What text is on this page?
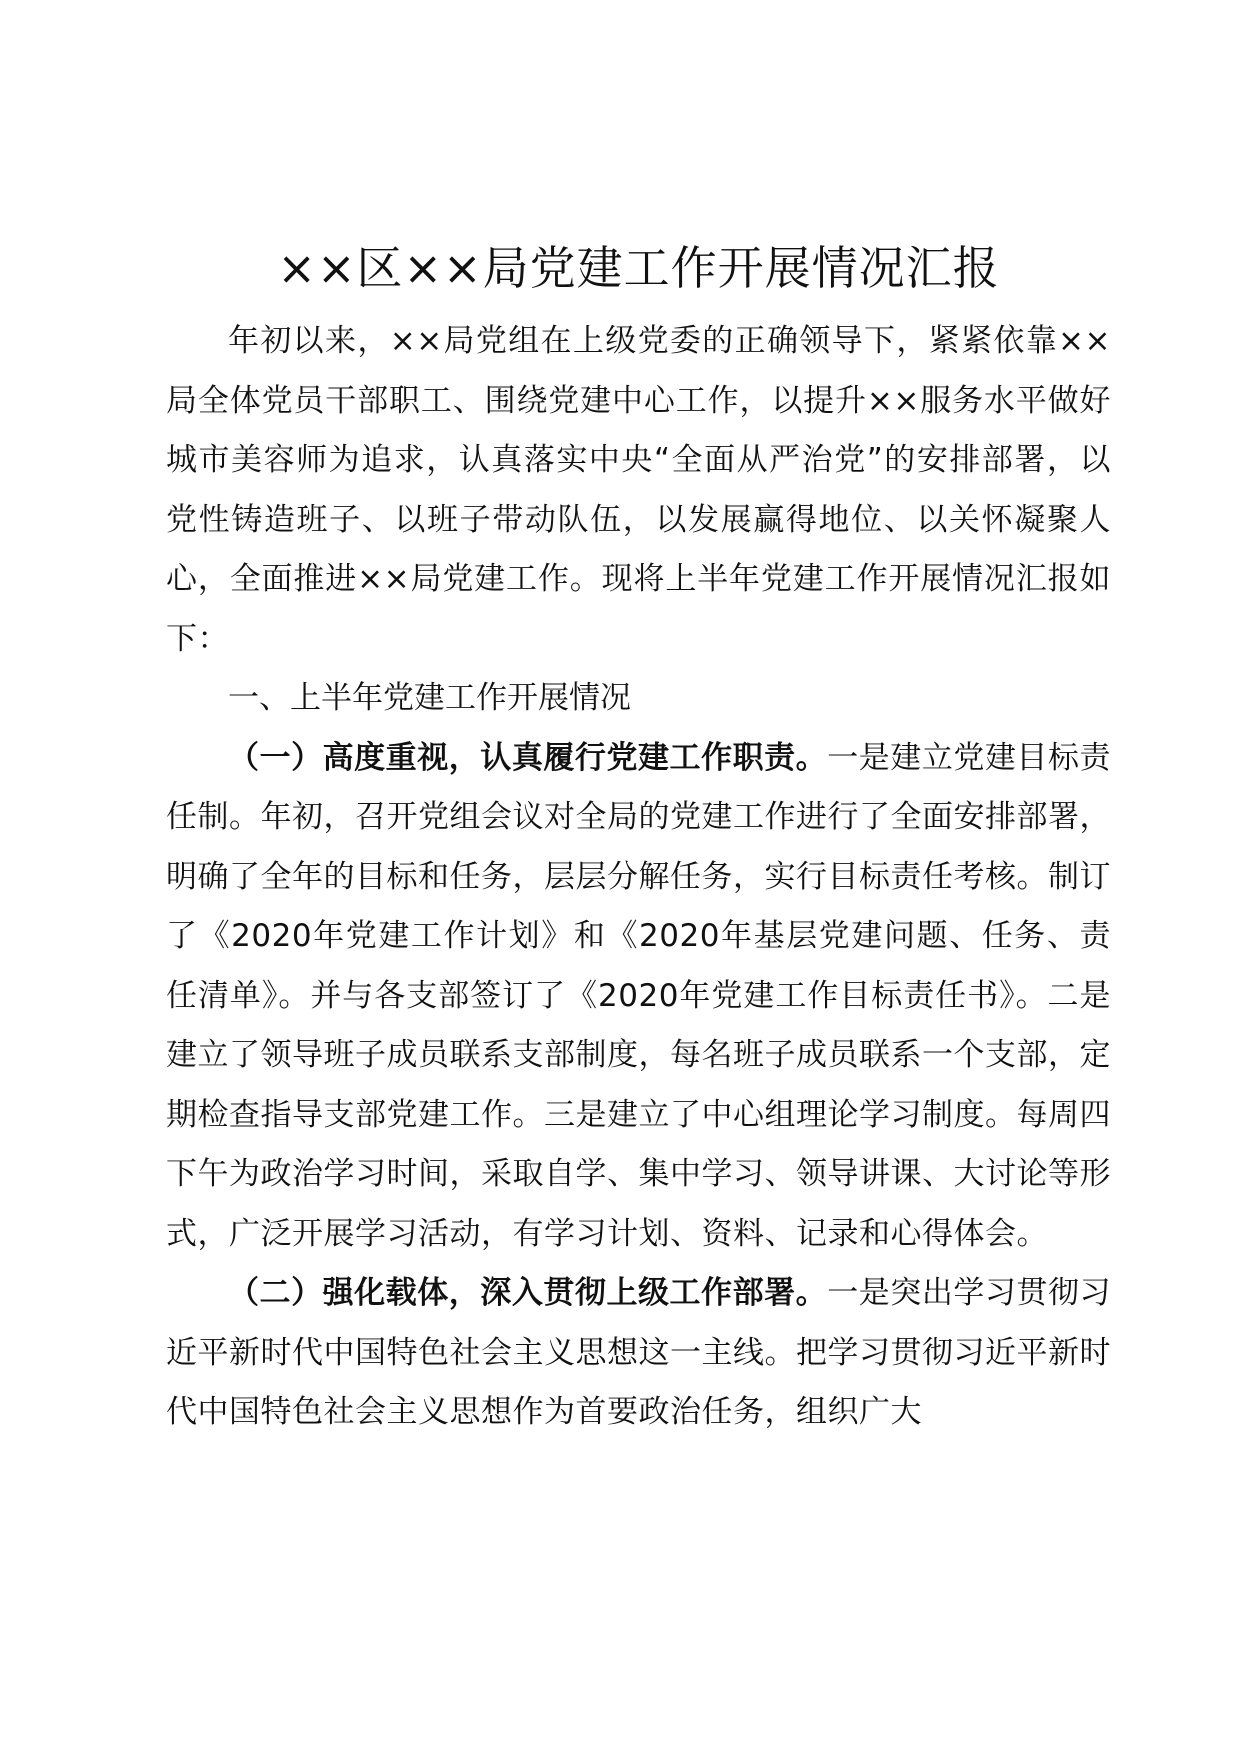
××区××局党建工作开展情况汇报

年初以来，××局党组在上级党委的正确领导下，紧紧依靠××局全体党员干部职工、围绕党建中心工作，以提升××服务水平做好城市美容师为追求，认真落实中央“全面从严治党”的安排部署，以党性铸造班子、以班子带动队伍，以发展赢得地位、以关怀凝聚人心，全面推进××局党建工作。现将上半年党建工作开展情况汇报如下：

一、上半年党建工作开展情况

（一）高度重视，认真履行党建工作职责。一是建立党建目标责任制。年初，召开党组会议对全局的党建工作进行了全面安排部署，明确了全年的目标和任务，层层分解任务，实行目标责任考核。制订了《2020年党建工作计划》和《2020年基层党建问题、任务、责任清单》。并与各支部签订了《2020年党建工作目标责任书》。二是建立了领导班子成员联系支部制度，每名班子成员联系一个支部，定期检查指导支部党建工作。三是建立了中心组理论学习制度。每周四下午为政治学习时间，采取自学、集中学习、领导讲课、大讨论等形式，广泛开展学习活动，有学习计划、资料、记录和心得体会。

（二）强化载体，深入贯彻上级工作部署。一是突出学习贯彻习近平新时代中国特色社会主义思想这一主线。把学习贯彻习近平新时代中国特色社会主义思想作为首要政治任务，组织广大
